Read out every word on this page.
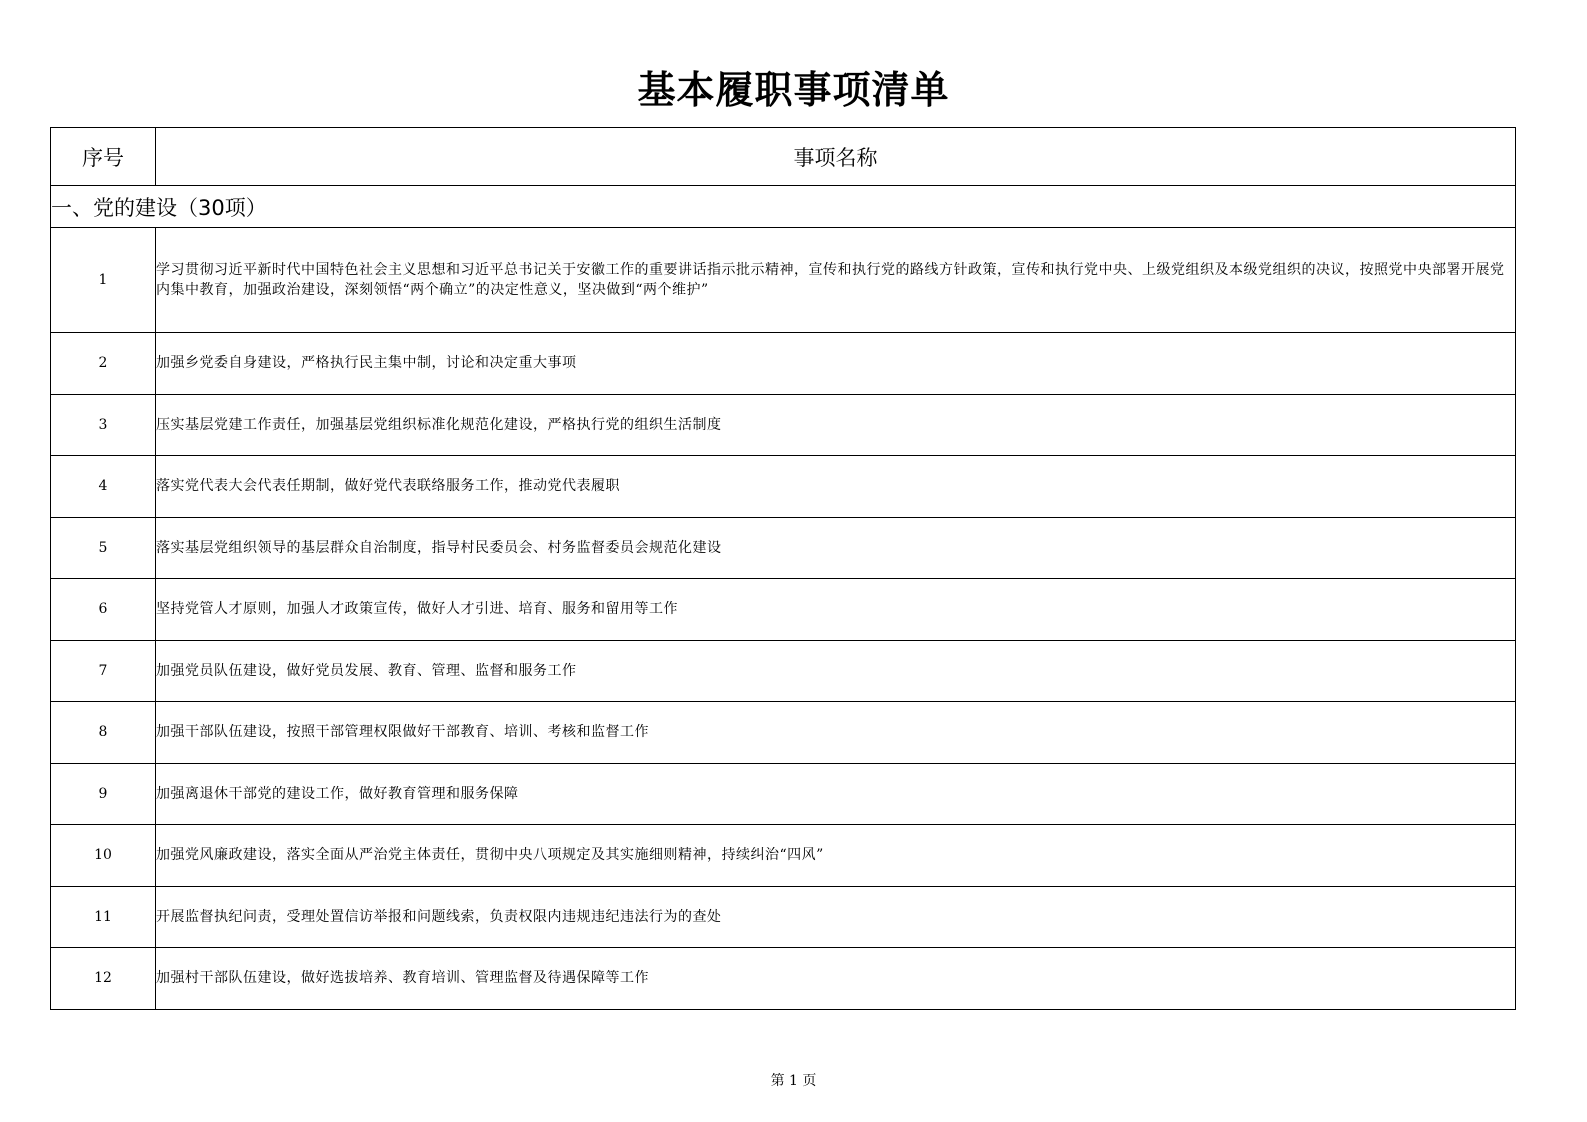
基本履职事项清单
序号	事项名称
一、党的建设（30项）	
1	学习贯彻习近平新时代中国特色社会主义思想和习近平总书记关于安徽工作的重要讲话指示批示精神，宣传和执行党的路线方针政策，宣传和执行党中央、上级党组织及本级党组织的决议，按照党中央部署开展党内集中教育，加强政治建设，深刻领悟“两个确立”的决定性意义，坚决做到“两个维护”
2	加强乡党委自身建设，严格执行民主集中制，讨论和决定重大事项
3	压实基层党建工作责任，加强基层党组织标准化规范化建设，严格执行党的组织生活制度
4	落实党代表大会代表任期制，做好党代表联络服务工作，推动党代表履职
5	落实基层党组织领导的基层群众自治制度，指导村民委员会、村务监督委员会规范化建设
6	坚持党管人才原则，加强人才政策宣传，做好人才引进、培育、服务和留用等工作
7	加强党员队伍建设，做好党员发展、教育、管理、监督和服务工作
8	加强干部队伍建设，按照干部管理权限做好干部教育、培训、考核和监督工作
9	加强离退休干部党的建设工作，做好教育管理和服务保障
10	加强党风廉政建设，落实全面从严治党主体责任，贯彻中央八项规定及其实施细则精神，持续纠治“四风”
11	开展监督执纪问责，受理处置信访举报和问题线索，负责权限内违规违纪违法行为的查处
12	加强村干部队伍建设，做好选拔培养、教育培训、管理监督及待遇保障等工作
第 1 页
